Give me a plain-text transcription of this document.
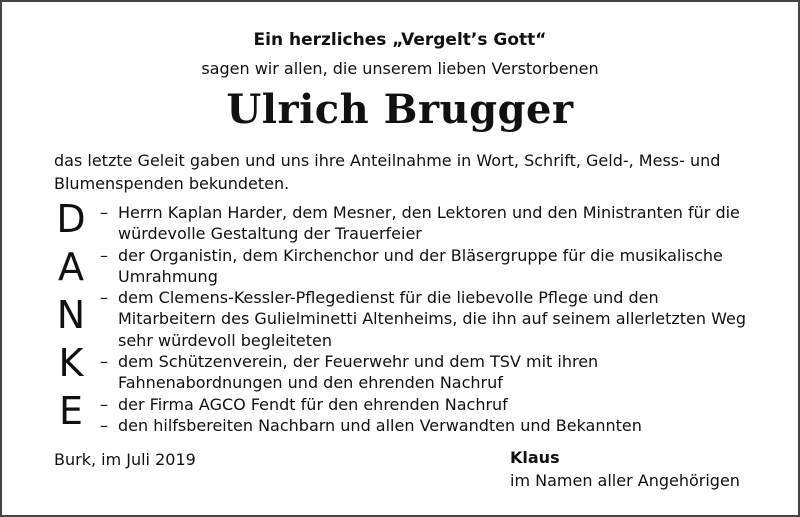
Ein herzliches „Vergelt’s Gott“
sagen wir allen, die unserem lieben Verstorbenen
Ulrich Brugger

das letzte Geleit gaben und uns ihre Anteilnahme in Wort, Schrift, Geld-, Mess- und Blumenspenden bekundeten.

D
A
N
K
E
– Herrn Kaplan Harder, dem Mesner, den Lektoren und den Ministranten für die würdevolle Gestaltung der Trauerfeier
– der Organistin, dem Kirchenchor und der Bläsergruppe für die musikalische Umrahmung
– dem Clemens-Kessler-Pflegedienst für die liebevolle Pflege und den Mitarbeitern des Gulielminetti Altenheims, die ihn auf seinem allerletzten Weg sehr würdevoll begleiteten
– dem Schützenverein, der Feuerwehr und dem TSV mit ihren Fahnenabordnungen und den ehrenden Nachruf
– der Firma AGCO Fendt für den ehrenden Nachruf
– den hilfsbereiten Nachbarn und allen Verwandten und Bekannten
Burk, im Juli 2019	Klaus
im Namen aller Angehörigen
